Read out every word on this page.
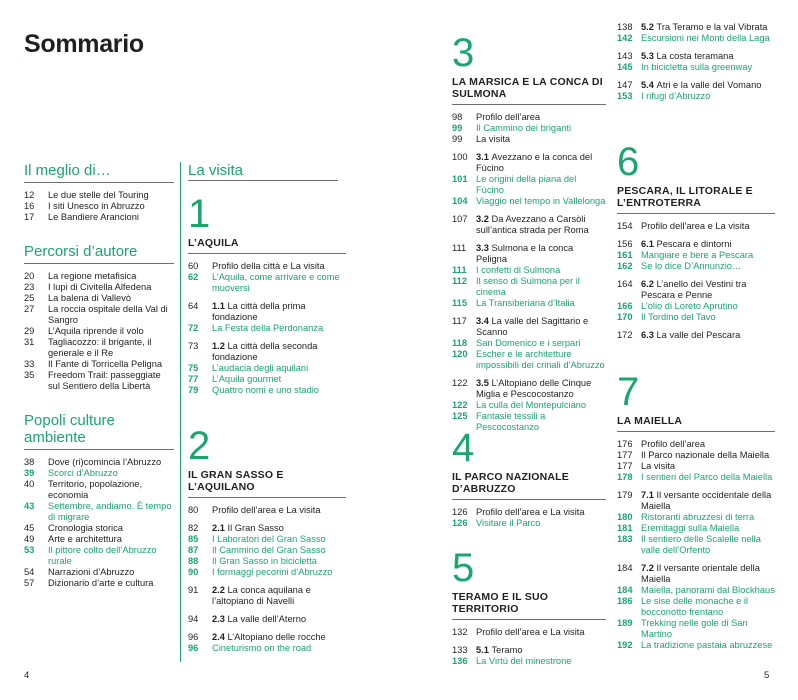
Sommario
Il meglio di…
12	Le due stelle del Touring
16	I siti Unesco in Abruzzo
17	Le Bandiere Arancioni
Percorsi d’autore
20	La regione metafisica
23	I lupi di Civitella Alfedena
25	La balena di Vallevò
27	La roccia ospitale della Val di Sangro
29	L’Aquila riprende il volo
31	Tagliacozzo: il brigante, il generale e il Re
33	Il Fante di Torricella Peligna
35	Freedom Trail: passeggiate sul Sentiero della Libertà
Popoli culture ambiente
38	Dove (ri)comincia l’Abruzzo
39	Scorci d’Abruzzo
40	Territorio, popolazione, economia
43	Settembre, andiamo. È tempo di migrare
45	Cronologia storica
49	Arte e architettura
53	Il pittore colto dell’Abruzzo rurale
54	Narrazioni d’Abruzzo
57	Dizionario d’arte e cultura
La visita
1
L’AQUILA
60	Profilo della città e La visita
62	L’Aquila, come arrivare e come muoversi
64	1.1 La città della prima fondazione
72	La Festa della Perdonanza
73	1.2 La città della seconda fondazione
75	L’audacia degli aquilani
77	L’Aquila gourmet
79	Quattro nomi e uno stadio
2
IL GRAN SASSO E L’AQUILANO
80	Profilo dell’area e La visita
82	2.1 Il Gran Sasso
85	I Laboratori del Gran Sasso
87	Il Cammino del Gran Sasso
88	Il Gran Sasso in bicicletta
90	I formaggi pecorini d’Abruzzo
91	2.2 La conca aquilana e l’altopiano di Navelli
94	2.3 La valle dell’Aterno
96	2.4 L’Altopiano delle rocche
96	Cineturismo on the road
3
LA MARSICA E LA CONCA DI SULMONA
98	Profilo dell’area
99	Il Cammino dei briganti
99	La visita
100 3.1 Avezzano e la conca del Fùcino
101 Le origini della piana del Fùcino
104 Viaggio nel tempo in Vallelonga
107 3.2 Da Avezzano a Carsòli sull’antica strada per Roma
111	3.3 Sulmona e la conca Peligna
111	I confetti di Sulmona
112 Il senso di Sulmona per il cinema
115 La Transiberiana d’Italia
117 3.4 La valle del Sagittario e Scanno
118 San Domenico e i serpari
120 Escher e le architetture impossibili dei crinali d’Abruzzo
122 3.5 L’Altopiano delle Cinque Miglia e Pescocostanzo
122 La culla del Montepulciano
125 Fantasie tessili a Pescocostanzo
4
IL PARCO NAZIONALE D’ABRUZZO
126 Profilo dell’area e La visita
126 Visitare il Parco
5
TERAMO E IL SUO TERRITORIO
132 Profilo dell’area e La visita
133 5.1 Teramo
136 La Virtù del minestrone
138 5.2 Tra Teramo e la val Vibrata
142 Escursioni nei Monti della Laga
143 5.3 La costa teramana
145 In bicicletta sulla greenway
147 5.4 Atri e la valle del Vomano
153 I rifugi d’Abruzzo
6
PESCARA, IL LITORALE E L’ENTROTERRA
154 Profilo dell’area e La visita
156 6.1 Pescara e dintorni
161 Mangiare e bere a Pescara
162 Se lo dice D’Annunzio…
164 6.2 L’anello dei Vestini tra Pescara e Penne
166 L’olio di Loreto Aprutino
170 Il Tordino del Tavo
172 6.3 La valle del Pescara
7
LA MAIELLA
176 Profilo dell’area
177 Il Parco nazionale della Maiella
177 La visita
178 I sentieri del Parco della Maiella
179 7.1 Il versante occidentale della Maiella
180 Ristoranti abruzzesi di terra
181 Eremitaggi sulla Maiella
183 Il sentiero delle Scalelle nella valle dell’Orfento
184 7.2 Il versante orientale della Maiella
184 Maiella, panorami dal Blockhaus
186 Le sise delle monache e il bocconotto frentano
189 Trekking nelle gole di San Martino
192 La tradizione pastaia abruzzese
4	5
